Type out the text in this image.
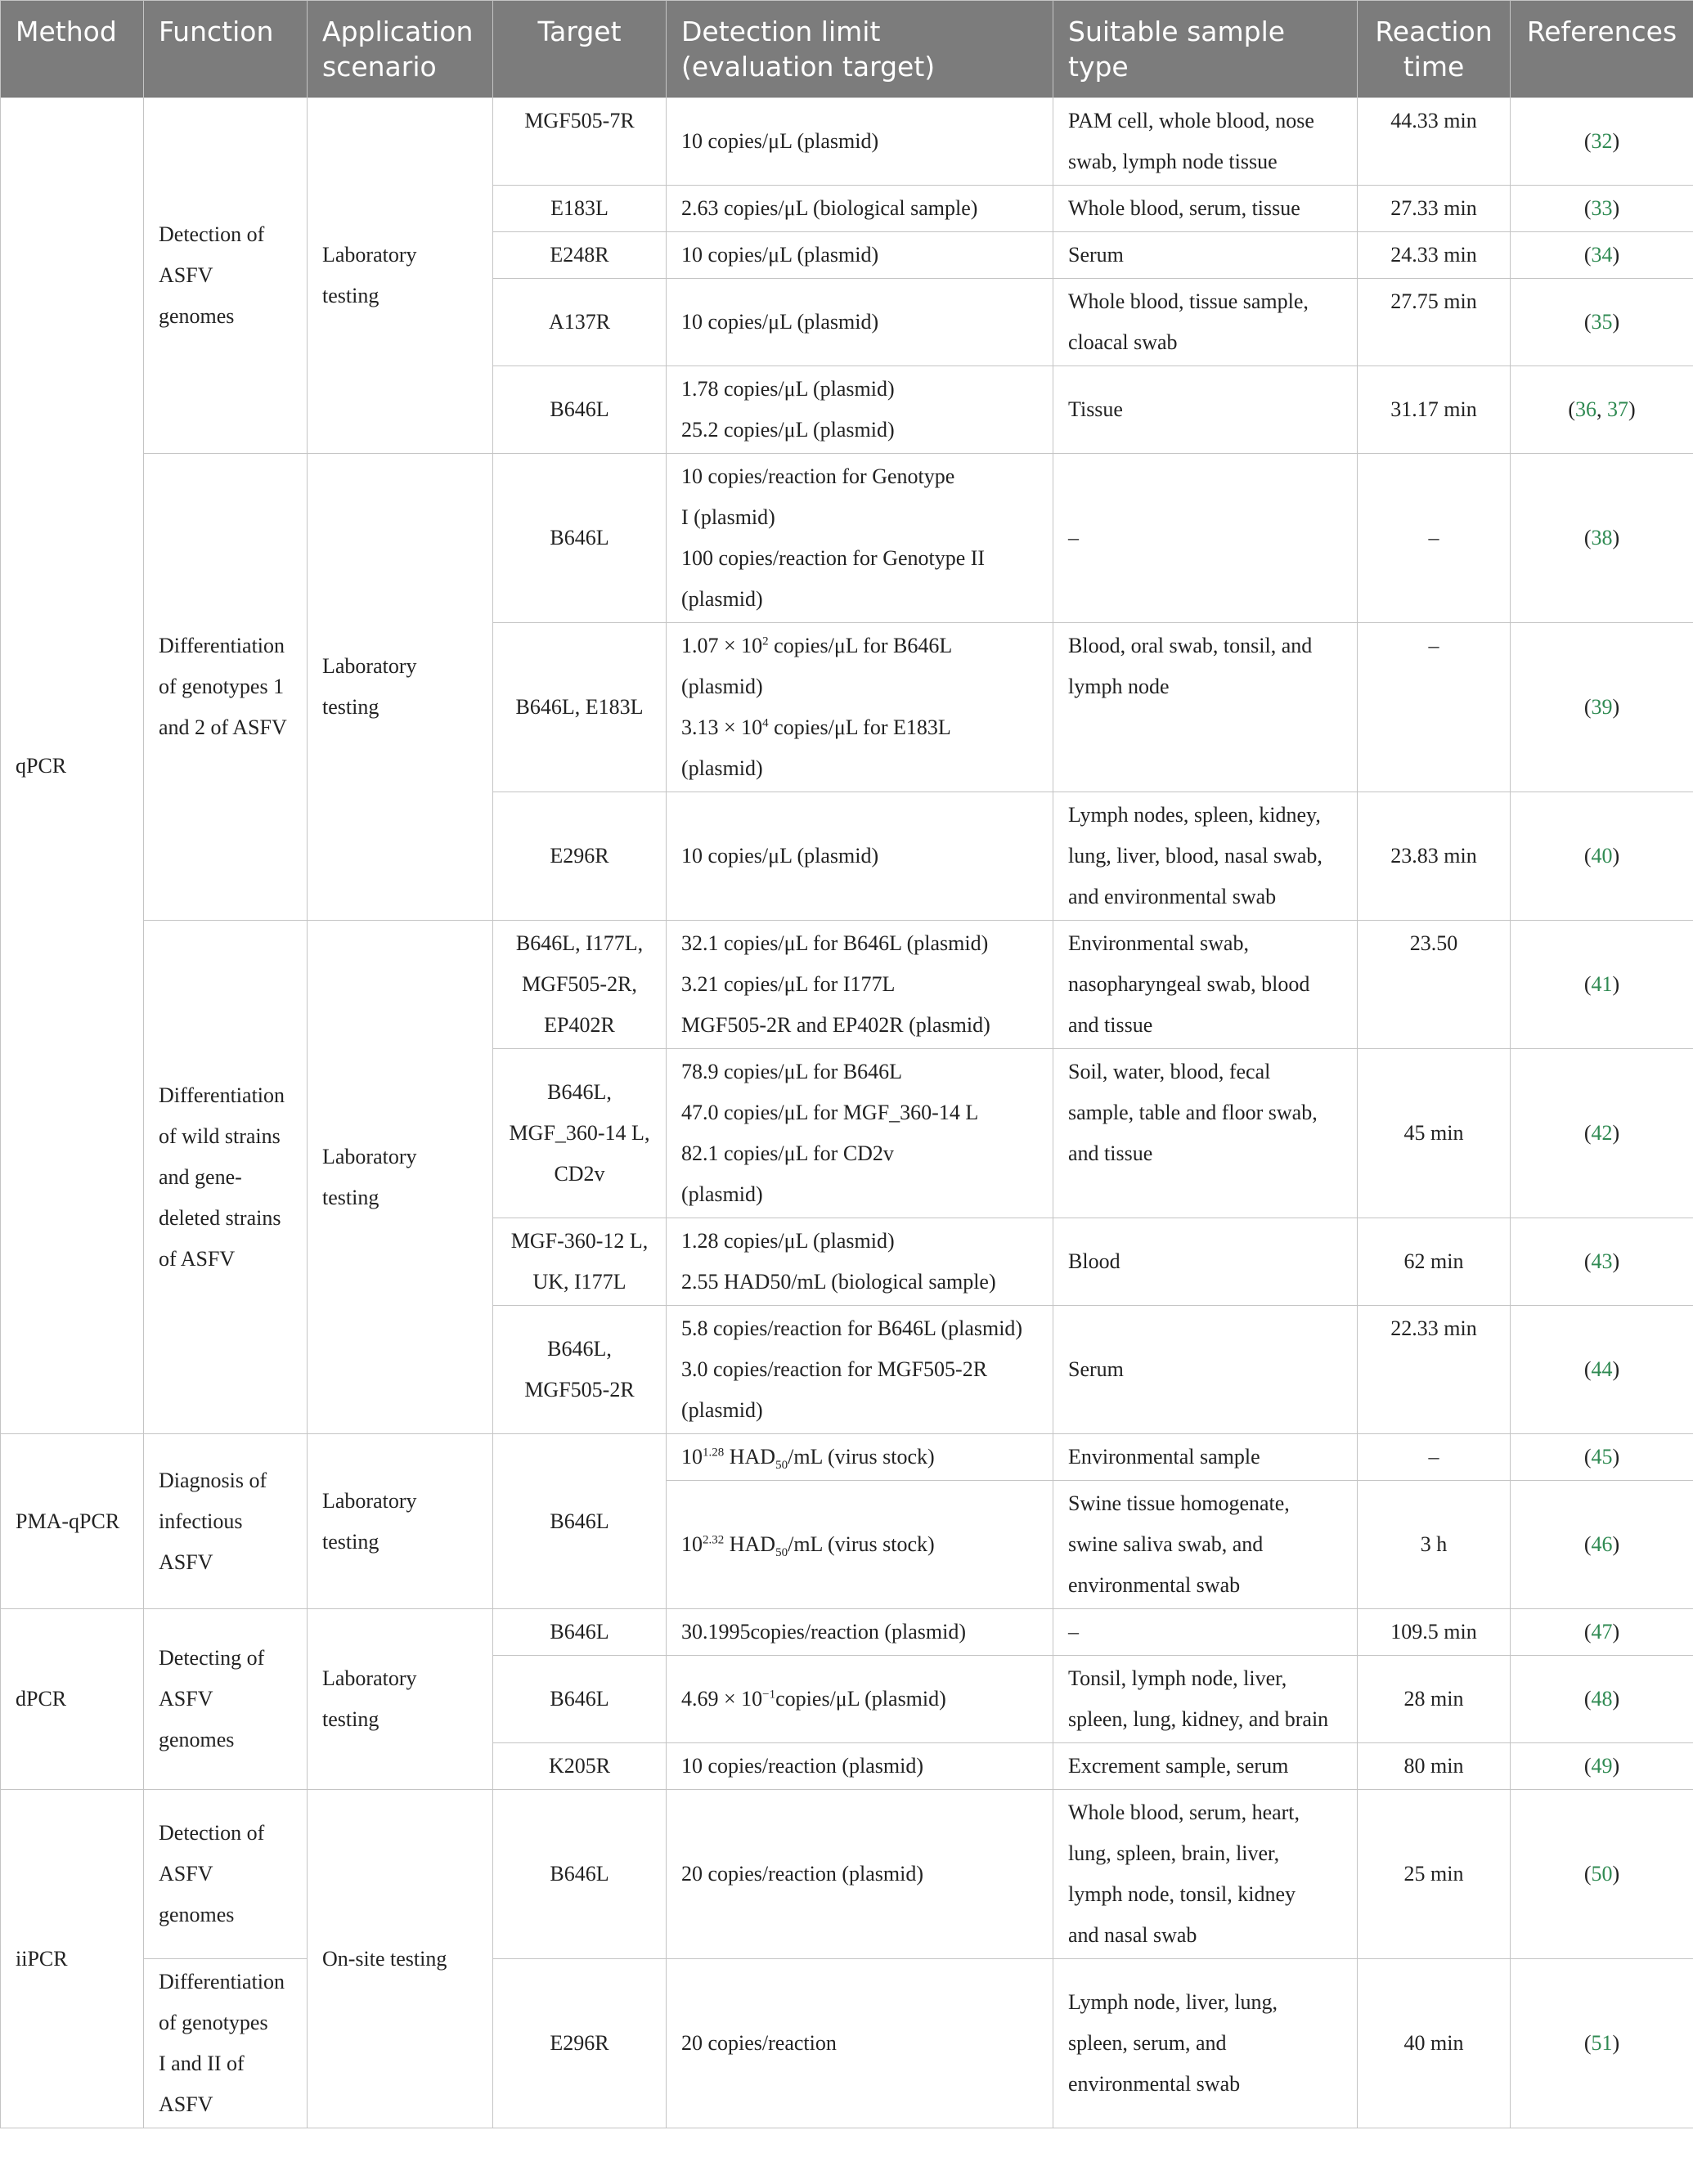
Method	Function	Application
scenario	Target	Detection limit
(evaluation target)	Suitable sample type	Reaction
time	References
qPCR	Detection of
ASFV
genomes	Laboratory
testing	MGF505-7R	10 copies/μL (plasmid)	PAM cell, whole blood, nose
swab, lymph node tissue	44.33 min	(32)
			E183L	2.63 copies/μL (biological sample)	Whole blood, serum, tissue	27.33 min	(33)
			E248R	10 copies/μL (plasmid)	Serum	24.33 min	(34)
			A137R	10 copies/μL (plasmid)	Whole blood, tissue sample,
cloacal swab	27.75 min	(35)
			B646L	1.78 copies/μL (plasmid)
25.2 copies/μL (plasmid)	Tissue	31.17 min	(36, 37)
	Differentiation
of genotypes 1
and 2 of ASFV	Laboratory
testing	B646L	10 copies/reaction for Genotype
I (plasmid)
100 copies/reaction for Genotype II
(plasmid)	–	–	(38)
			B646L, E183L	$1.07 \times 10^2$ copies/μL for B646L
(plasmid)
$3.13 \times 10^4$ copies/μL for E183L
(plasmid)	Blood, oral swab, tonsil, and
lymph node	–	(39)
			E296R	10 copies/μL (plasmid)	Lymph nodes, spleen, kidney,
lung, liver, blood, nasal swab,
and environmental swab	23.83 min	(40)
	Differentiation
of wild strains
and gene-
deleted strains
of ASFV	Laboratory
testing	B646L, I177L,
MGF505-2R,
EP402R	32.1 copies/μL for B646L (plasmid)
3.21 copies/μL for I177L
MGF505-2R and EP402R (plasmid)	Environmental swab,
nasopharyngeal swab, blood
and tissue	23.50	(41)
			B646L,
MGF_360-14 L,
CD2v	78.9 copies/μL for B646L
47.0 copies/μL for MGF_360-14 L
82.1 copies/μL for CD2v
(plasmid)	Soil, water, blood, fecal
sample, table and floor swab,
and tissue	45 min	(42)
			MGF-360-12 L,
UK, I177L	1.28 copies/μL (plasmid)
2.55 HAD50/mL (biological sample)	Blood	62 min	(43)
			B646L,
MGF505-2R	5.8 copies/reaction for B646L (plasmid)
3.0 copies/reaction for MGF505-2R
(plasmid)	Serum	22.33 min	(44)
PMA-qPCR	Diagnosis of
infectious
ASFV	Laboratory
testing	B646L	$10^{1.28}$ $HAD_{50}/mL$ (virus stock)	Environmental sample	–	(45)
				$10^{2.32}$ $HAD_{50}/mL$ (virus stock)	Swine tissue homogenate,
swine saliva swab, and
environmental swab	3 h	(46)
dPCR	Detecting of
ASFV
genomes	Laboratory
testing	B646L	30.1995copies/reaction (plasmid)	–	109.5 min	(47)
			B646L	$4.69 \times 10^{-1}copies/\mu L$ (plasmid)	Tonsil, lymph node, liver,
spleen, lung, kidney, and brain	28 min	(48)
			K205R	10 copies/reaction (plasmid)	Excrement sample, serum	80 min	(49)
iiPCR	Detection of
ASFV
genomes	On-site testing	B646L	20 copies/reaction (plasmid)	Whole blood, serum, heart,
lung, spleen, brain, liver,
lymph node, tonsil, kidney
and nasal swab	25 min	(50)
	Differentiation
of genotypes
I and II of
ASFV		E296R	20 copies/reaction	Lymph node, liver, lung,
spleen, serum, and
environmental swab	40 min	(51)
